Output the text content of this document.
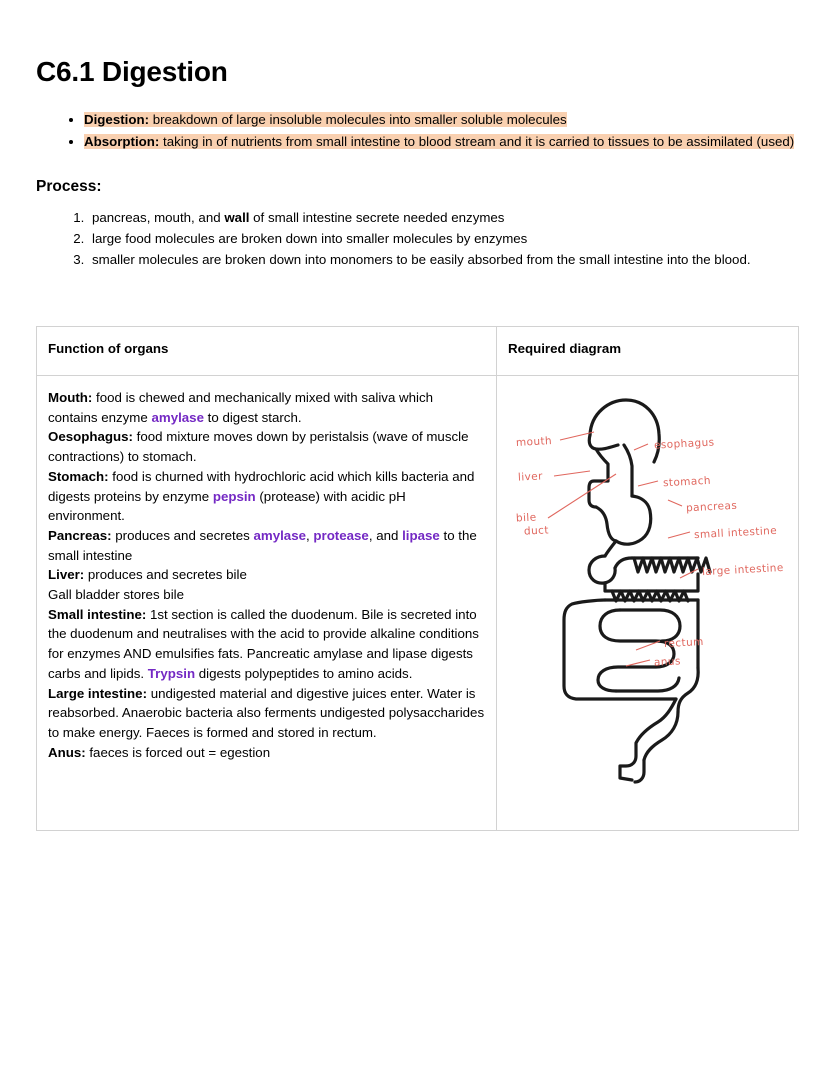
C6.1 Digestion
• Digestion: breakdown of large insoluble molecules into smaller soluble molecules
• Absorption: taking in of nutrients from small intestine to blood stream and it is carried to tissues to be assimilated (used)
Process:
1. pancreas, mouth, and wall of small intestine secrete needed enzymes
2. large food molecules are broken down into smaller molecules by enzymes
3. smaller molecules are broken down into monomers to be easily absorbed from the small intestine into the blood.
Function of organs	Required diagram

Mouth: food is chewed and mechanically mixed with saliva which contains enzyme amylase to digest starch.
Oesophagus: food mixture moves down by peristalsis (wave of muscle contractions) to stomach.
Stomach: food is churned with hydrochloric acid which kills bacteria and digests proteins by enzyme pepsin (protease) with acidic pH environment.
Pancreas: produces and secretes amylase, protease, and lipase to the small intestine
Liver: produces and secretes bile
Gall bladder stores bile
Small intestine: 1st section is called the duodenum. Bile is secreted into the duodenum and neutralises with the acid to provide alkaline conditions for enzymes AND emulsifies fats. Pancreatic amylase and lipase digests carbs and lipids. Trypsin digests polypeptides to amino acids.
Large intestine: undigested material and digestive juices enter. Water is reabsorbed. Anaerobic bacteria also ferments undigested polysaccharides to make energy. Faeces is formed and stored in rectum.
Anus: faeces is forced out = egestion

mouth
liver
bile
duct
esophagus
stomach
pancreas
small intestine
large intestine
rectum
anus
